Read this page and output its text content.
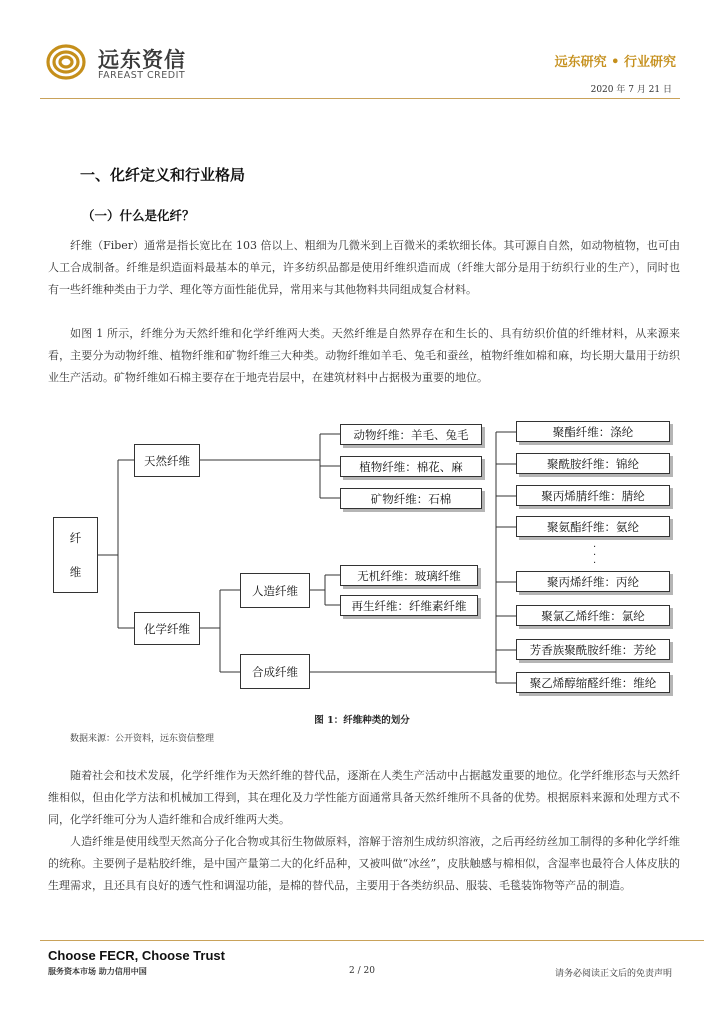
远东资信
FAREAST CREDIT
远东研究 • 行业研究
2020 年 7 月 21 日
一、化纤定义和行业格局
（一）什么是化纤？
纤维（Fiber）通常是指长宽比在 103 倍以上、粗细为几微米到上百微米的柔软细长体。其可源自自然，如动物植物，也可由人工合成制备。纤维是织造面料最基本的单元，许多纺织品都是使用纤维织造而成（纤维大部分是用于纺织行业的生产），同时也有一些纤维种类由于力学、理化等方面性能优异，常用来与其他物料共同组成复合材料。
如图 1 所示，纤维分为天然纤维和化学纤维两大类。天然纤维是自然界存在和生长的、具有纺织价值的纤维材料，从来源来看，主要分为动物纤维、植物纤维和矿物纤维三大种类。动物纤维如羊毛、兔毛和蚕丝，植物纤维如棉和麻，均长期大量用于纺织业生产活动。矿物纤维如石棉主要存在于地壳岩层中，在建筑材料中占据极为重要的地位。
纤
维
天然纤维
化学纤维
动物纤维：羊毛、兔毛
植物纤维：棉花、麻
矿物纤维：石棉
人造纤维
合成纤维
无机纤维：玻璃纤维
再生纤维：纤维素纤维
聚酯纤维：涤纶
聚酰胺纤维：锦纶
聚丙烯腈纤维：腈纶
聚氨酯纤维：氨纶
·
·
·
聚丙烯纤维：丙纶
聚氯乙烯纤维：氯纶
芳香族聚酰胺纤维：芳纶
聚乙烯醇缩醛纤维：维纶
图 1：纤维种类的划分
数据来源：公开资料，远东资信整理
随着社会和技术发展，化学纤维作为天然纤维的替代品，逐渐在人类生产活动中占据越发重要的地位。化学纤维形态与天然纤维相似，但由化学方法和机械加工得到，其在理化及力学性能方面通常具备天然纤维所不具备的优势。根据原料来源和处理方式不同，化学纤维可分为人造纤维和合成纤维两大类。
人造纤维是使用线型天然高分子化合物或其衍生物做原料，溶解于溶剂生成纺织溶液，之后再经纺丝加工制得的多种化学纤维的统称。主要例子是粘胶纤维，是中国产量第二大的化纤品种，又被叫做“冰丝”，皮肤触感与棉相似，含湿率也最符合人体皮肤的生理需求，且还具有良好的透气性和调湿功能，是棉的替代品，主要用于各类纺织品、服装、毛毯装饰物等产品的制造。
Choose FECR, Choose Trust
服务资本市场 助力信用中国	2 / 20	请务必阅读正文后的免责声明
